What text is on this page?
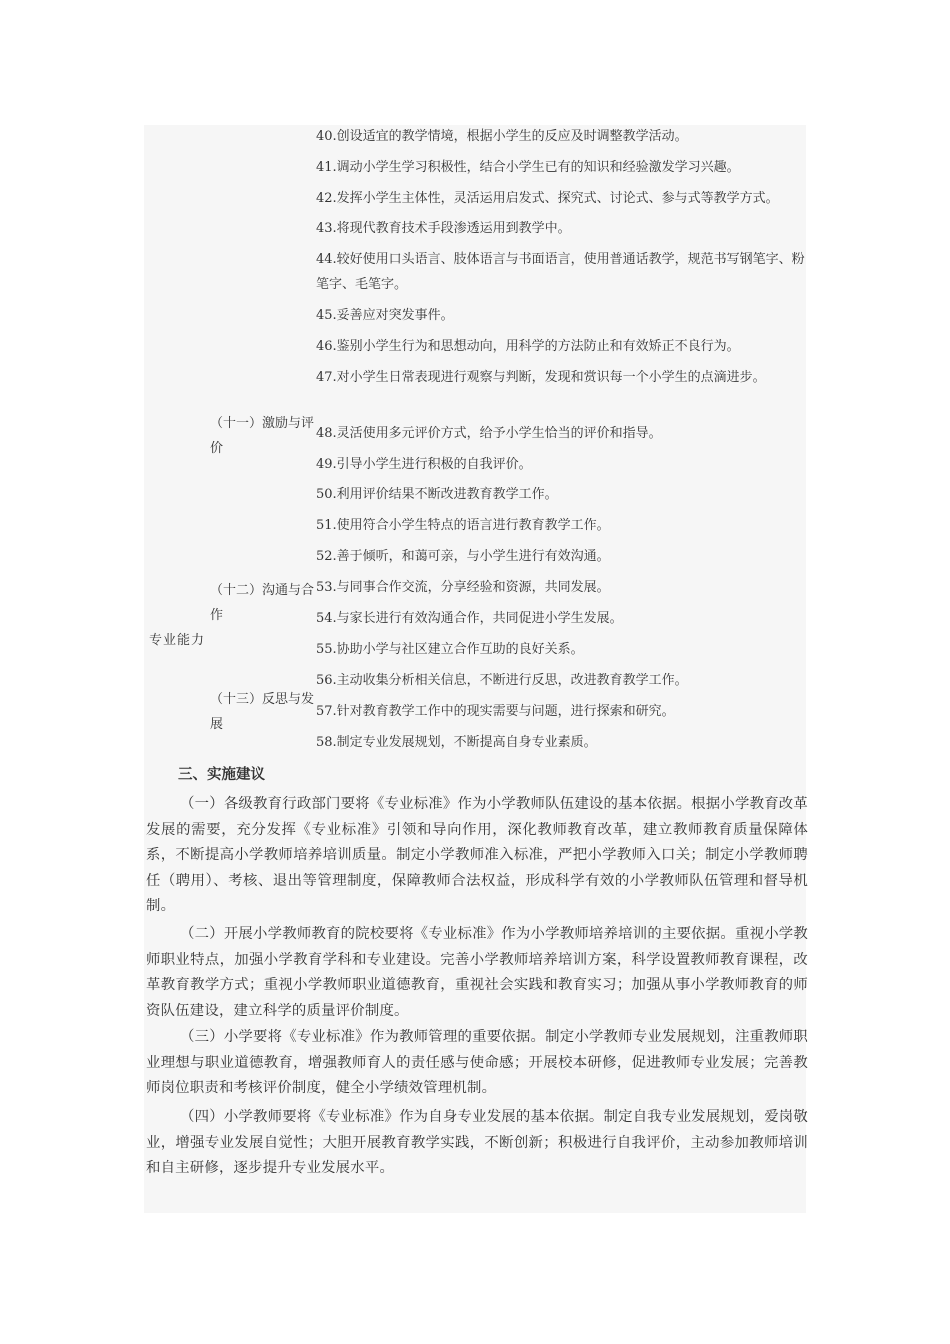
专业能力
（十一）激励与评价
（十二）沟通与合作
（十三）反思与发展
40.创设适宜的教学情境，根据小学生的反应及时调整教学活动。
41.调动小学生学习积极性，结合小学生已有的知识和经验激发学习兴趣。
42.发挥小学生主体性，灵活运用启发式、探究式、讨论式、参与式等教学方式。
43.将现代教育技术手段渗透运用到教学中。
44.较好使用口头语言、肢体语言与书面语言，使用普通话教学，规范书写钢笔字、粉笔字、毛笔字。
45.妥善应对突发事件。
46.鉴别小学生行为和思想动向，用科学的方法防止和有效矫正不良行为。
47.对小学生日常表现进行观察与判断，发现和赏识每一个小学生的点滴进步。
48.灵活使用多元评价方式，给予小学生恰当的评价和指导。
49.引导小学生进行积极的自我评价。
50.利用评价结果不断改进教育教学工作。
51.使用符合小学生特点的语言进行教育教学工作。
52.善于倾听，和蔼可亲，与小学生进行有效沟通。
53.与同事合作交流，分享经验和资源，共同发展。
54.与家长进行有效沟通合作，共同促进小学生发展。
55.协助小学与社区建立合作互助的良好关系。
56.主动收集分析相关信息，不断进行反思，改进教育教学工作。
57.针对教育教学工作中的现实需要与问题，进行探索和研究。
58.制定专业发展规划，不断提高自身专业素质。
三、实施建议
（一）各级教育行政部门要将《专业标准》作为小学教师队伍建设的基本依据。根据小学教育改革发展的需要，充分发挥《专业标准》引领和导向作用，深化教师教育改革，建立教师教育质量保障体系，不断提高小学教师培养培训质量。制定小学教师准入标准，严把小学教师入口关；制定小学教师聘任（聘用）、考核、退出等管理制度，保障教师合法权益，形成科学有效的小学教师队伍管理和督导机制。
（二）开展小学教师教育的院校要将《专业标准》作为小学教师培养培训的主要依据。重视小学教师职业特点，加强小学教育学科和专业建设。完善小学教师培养培训方案，科学设置教师教育课程，改革教育教学方式；重视小学教师职业道德教育，重视社会实践和教育实习；加强从事小学教师教育的师资队伍建设，建立科学的质量评价制度。
（三）小学要将《专业标准》作为教师管理的重要依据。制定小学教师专业发展规划，注重教师职业理想与职业道德教育，增强教师育人的责任感与使命感；开展校本研修，促进教师专业发展；完善教师岗位职责和考核评价制度，健全小学绩效管理机制。
（四）小学教师要将《专业标准》作为自身专业发展的基本依据。制定自我专业发展规划，爱岗敬业，增强专业发展自觉性；大胆开展教育教学实践，不断创新；积极进行自我评价，主动参加教师培训和自主研修，逐步提升专业发展水平。
